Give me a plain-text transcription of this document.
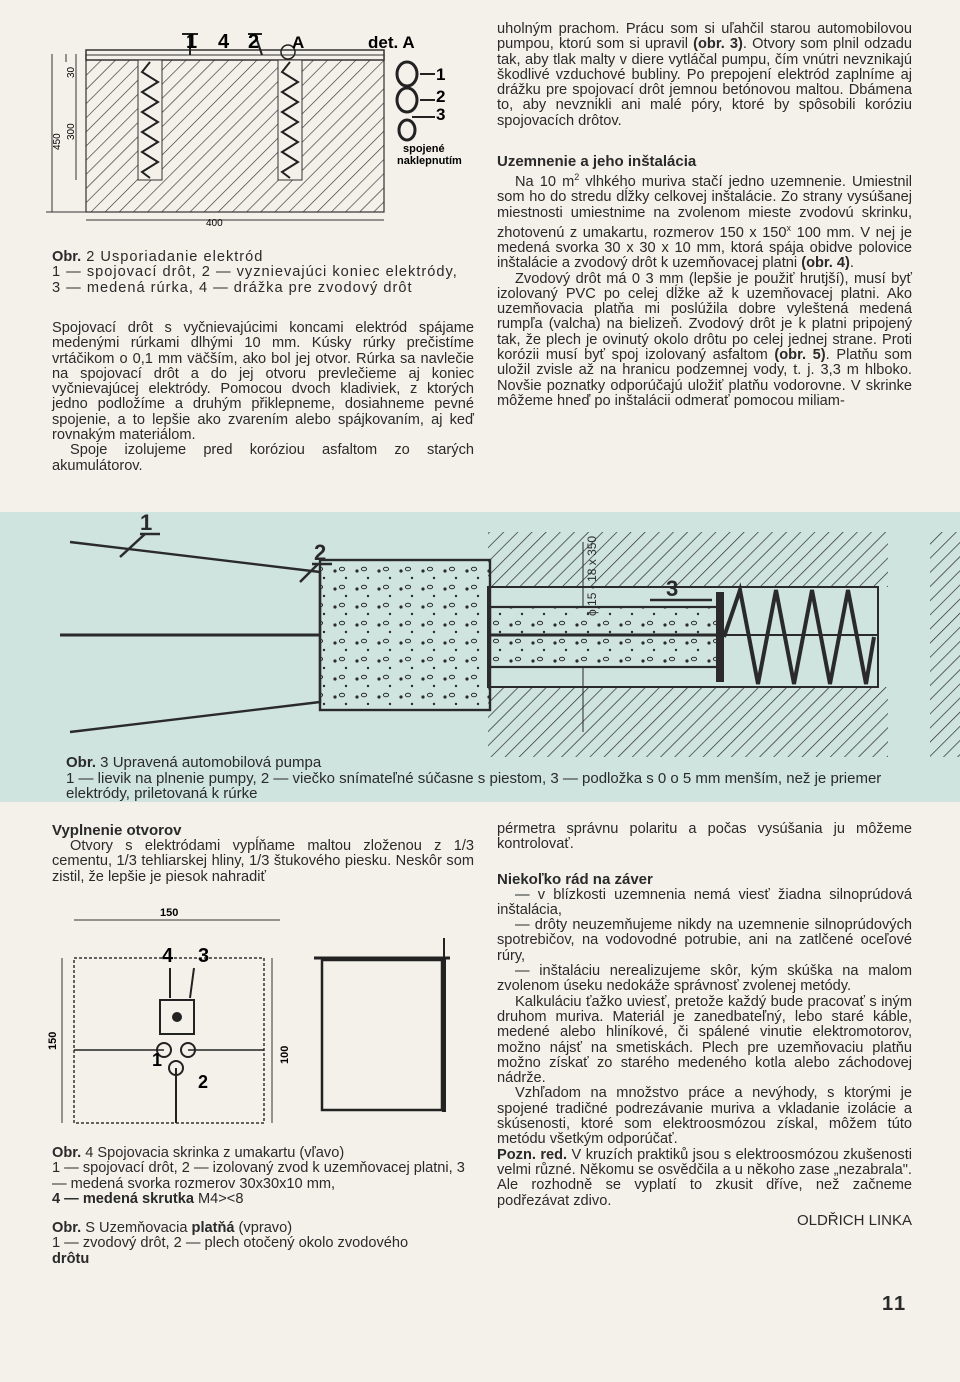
1 4 2 A	det. A
1
2
3
spojené
naklepnutím
30
300
450
400
Obr. 2 Usporiadanie elektród
1 — spojovací drôt, 2 — vyznievajúci koniec elektródy,
3 — medená rúrka, 4 — drážka pre zvodový drôt

Spojovací drôt s vyčnievajúcimi koncami elektród spájame medenými rúrkami dlhými 10 mm. Kúsky rúrky prečistíme vrtáčikom o 0,1 mm väčším, ako bol jej otvor. Rúrka sa navlečie na spojovací drôt a do jej otvoru prevlečieme aj koniec vyčnievajúcej elektródy. Pomocou dvoch kladiviek, z ktorých jedno podložíme a druhým přiklepneme, dosiahneme pevné spojenie, a to lepšie ako zvarením alebo spájkovaním, aj keď rovnakým materiálom.

Spoje izolujeme pred koróziou asfaltom zo starých akumulátorov.

uholným prachom. Prácu som si uľahčil starou automobilovou pumpou, ktorú som si upravil (obr. 3). Otvory som plnil odzadu tak, aby tlak malty v diere vytláčal pumpu, čím vnútri nevznikajú škodlivé vzduchové bubliny. Po prepojení elektród zaplníme aj drážku pre spojovací drôt jemnou betónovou maltou. Dbámena to, aby nevznikli ani malé póry, ktoré by spôsobili koróziu spojovacích drôtov.

Uzemnenie a jeho inštalácia

Na 10 $m^2$ vlhkého muriva stačí jedno uzemnenie. Umiestnil som ho do stredu dĺžky celkovej inštalácie. Zo strany vysúšanej miestnosti umiestnime na zvolenom mieste zvodovú skrinku, zhotovenú z umakartu, rozmerov 150 x 150$^x$ 100 mm. V nej je medená svorka 30 x 30 x 10 mm, ktorá spája obidve polovice inštalácie a zvodový drôt k uzemňovacej platni (obr. 4).

Zvodový drôt má 0 3 mm (lepšie je použiť hrutjší), musí byť izolovaný PVC po celej dĺžke až k uzemňovacej platni. Ako uzemňovacia platňa mi poslúžila dobre vyleštená medená rumpľa (valcha) na bielizeň. Zvodový drôt je k platni pripojený tak, že plech je ovinutý okolo drôtu po celej jednej strane. Proti korózii musí byť spoj izolovaný asfaltom (obr. 5). Platňu som uložil zvisle až na hranicu podzemnej vody, t. j. 3,3 m hlboko. Novšie poznatky odporúčajú uložiť platňu vodorovne. V skrinke môžeme hneď po inštalácii odmerať pomocou miliam-

1
2
3
ϕ 15 - 18 x 350
Obr. 3 Upravená automobilová pumpa
1 — lievik na plnenie pumpy, 2 — viečko snímateľné súčasne s piestom, 3 — podložka s 0 o 5 mm menším, než je priemer elektródy, priletovaná k rúrke

Vyplnenie otvorov

Otvory s elektródami vypĺňame maltou zloženou z 1/3 cementu, 1/3 tehliarskej hliny, 1/3 štukového piesku. Neskôr som zistil, že lepšie je piesok nahradiť

150
150
100
4 3
1
2
Obr. 4 Spojovacia skrinka z umakartu (vľavo)
1 — spojovací drôt, 2 — izolovaný zvod k uzemňovacej platni, 3 — medená svorka rozmerov 30x30x10 mm,
4 — medená skrutka M4><8
Obr. S Uzemňovacia platňá (vpravo)
1 — zvodový drôt, 2 — plech otočený okolo zvodového
drôtu

pérmetra správnu polaritu a počas vysúšania ju môžeme kontrolovať.

Niekoľko rád na záver

— v blízkosti uzemnenia nemá viesť žiadna silnoprúdová inštalácia,

— drôty neuzemňujeme nikdy na uzemnenie silnoprúdových spotrebičov, na vodovodné potrubie, ani na zatlčené oceľové rúry,

— inštaláciu nerealizujeme skôr, kým skúška na malom zvolenom úseku nedokáže správnosť zvolenej metódy.

Kalkuláciu ťažko uviesť, pretože každý bude pracovať s iným druhom muriva. Materiál je zanedbateľný, lebo staré káble, medené alebo hliníkové, či spálené vinutie elektromotorov, možno nájsť na smetiskách. Plech pre uzemňovaciu platňu možno získať zo starého medeného kotla alebo záchodovej nádrže.

Vzhľadom na množstvo práce a nevýhody, s ktorými je spojené tradičné podrezávanie muriva a vkladanie izolácie a skúsenosti, ktoré som elektroosmózou získal, môžem túto metódu všetkým odporúčať.

Pozn. red. V kruzích praktiků jsou s elektroosmózou zkušenosti velmi různé. Někomu se osvědčila a u někoho zase „nezabrala". Ale rozhodně se vyplatí to zkusit dříve, než začneme podřezávat zdivo.

OLDŘICH LINKA

11
